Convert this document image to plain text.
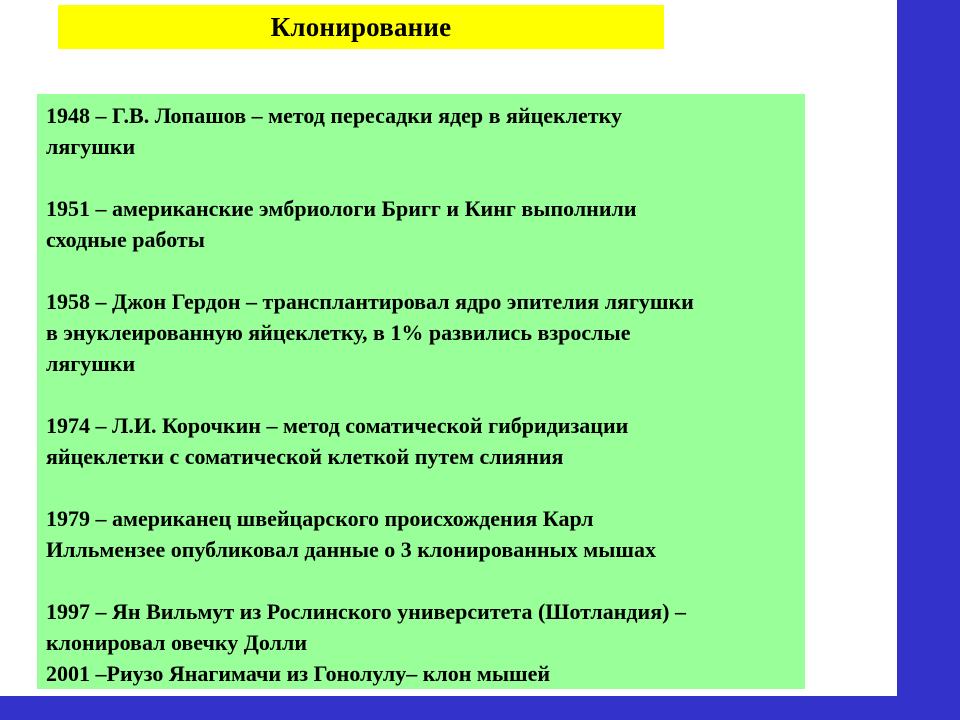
Клонирование
1948 – Г.В. Лопашов – метод пересадки ядер в яйцеклетку
лягушки
1951 – американские эмбриологи Бригг и Кинг выполнили
сходные работы
1958 – Джон Гердон – трансплантировал ядро эпителия лягушки
в энуклеированную яйцеклетку, в 1% развились взрослые
лягушки
1974 – Л.И. Корочкин – метод соматической гибридизации
яйцеклетки с соматической клеткой путем слияния
1979 – американец швейцарского происхождения Карл
Илльмензее опубликовал данные о 3 клонированных мышах
1997 – Ян Вильмут из Рослинского университета (Шотландия) –
клонировал овечку Долли
2001 –Риузо Янагимачи из Гонолулу– клон мышей
